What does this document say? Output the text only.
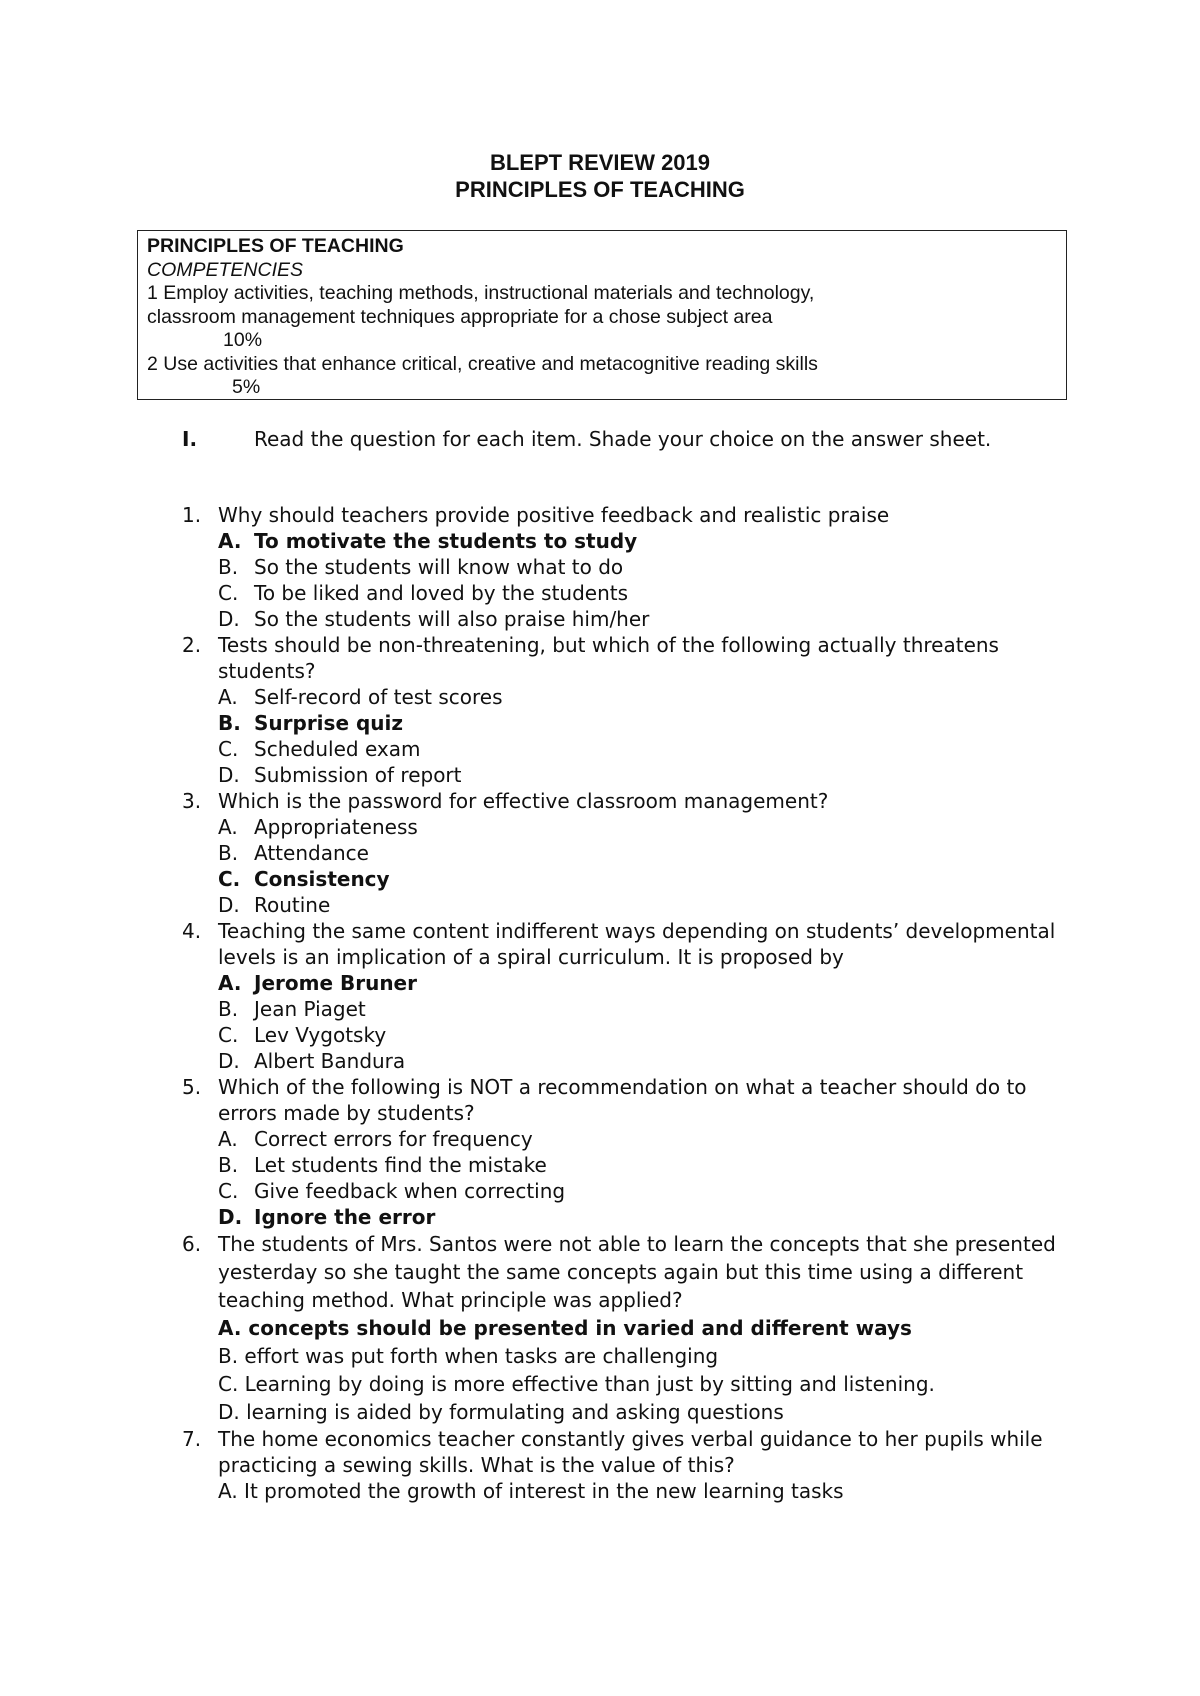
BLEPT REVIEW 2019
PRINCIPLES OF TEACHING
PRINCIPLES OF TEACHING
COMPETENCIES
1 Employ activities, teaching methods, instructional materials and technology,
classroom management techniques appropriate for a chose subject area
10%
2 Use activities that enhance critical, creative and metacognitive reading skills
5%
I.	Read the question for each item. Shade your choice on the answer sheet.
1. Why should teachers provide positive feedback and realistic praise
A. To motivate the students to study
B. So the students will know what to do
C. To be liked and loved by the students
D. So the students will also praise him/her
2. Tests should be non-threatening, but which of the following actually threatens students?
A. Self-record of test scores
B. Surprise quiz
C. Scheduled exam
D. Submission of report
3. Which is the password for effective classroom management?
A. Appropriateness
B. Attendance
C. Consistency
D. Routine
4. Teaching the same content indifferent ways depending on students’ developmental levels is an implication of a spiral curriculum. It is proposed by
A. Jerome Bruner
B. Jean Piaget
C. Lev Vygotsky
D. Albert Bandura
5. Which of the following is NOT a recommendation on what a teacher should do to errors made by students?
A. Correct errors for frequency
B. Let students find the mistake
C. Give feedback when correcting
D. Ignore the error
6. The students of Mrs. Santos were not able to learn the concepts that she presented yesterday so she taught the same concepts again but this time using a different teaching method. What principle was applied?
A. concepts should be presented in varied and different ways
B. effort was put forth when tasks are challenging
C. Learning by doing is more effective than just by sitting and listening.
D. learning is aided by formulating and asking questions
7. The home economics teacher constantly gives verbal guidance to her pupils while practicing a sewing skills. What is the value of this?
A. It promoted the growth of interest in the new learning tasks
